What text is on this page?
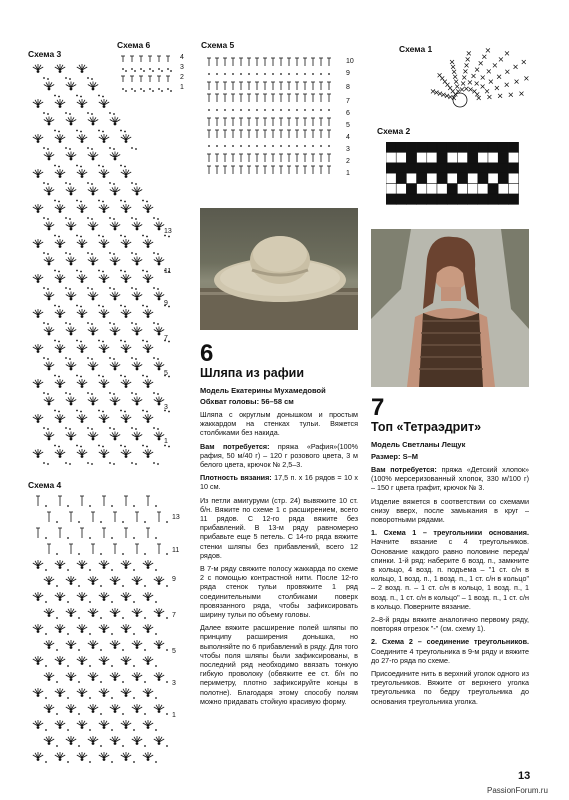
Схема 3
Схема 6	Схема 5	Схема 1
Схема 2
Схема 4
13
11
9
7
5
3
1
4
3
2
1
10
9
8
7
6
5
4
3
2
1
6
Шляпа из рафии
Модель Екатерины Мухамедовой
Обхват головы: 56–58 см

Шляпа с округлым донышком и простым жаккардом на стенках тульи. Вяжется столбиками без накида.

Вам потребуется: пряжа «Рафия»(100% рафия, 50 м/40 г) – 120 г розового цвета, 3 м белого цвета, крючок № 2,5–3.

Плотность вязания: 17,5 п. х 16 рядов = 10 х 10 см.

Из петли амигуруми (стр. 24) вывяжите 10 ст. б/н. Вяжите по схеме 1 с расширением, всего 11 рядов. С 12-го ряда вяжите без прибавлений. В 13-м ряду равномерно прибавьте еще 5 петель. С 14-го ряда вяжите стенки шляпы без прибавлений, всего 12 рядов.

В 7-м ряду свяжите полосу жаккарда по схеме 2 с помощью контрастной нити. После 12-го ряда стенок тульи провяжите 1 ряд соединительными столбиками поверх провязанного ряда, чтобы зафиксировать ширину тульи по объему головы.

Далее вяжите расширение полей шляпы по принципу расширения донышка, но выполняйте по 6 прибавлений в ряду. Для того чтобы поля шляпы были зафиксированы, в последний ряд необходимо ввязать тонкую гибкую проволоку (обвяжите ее ст. б/н по периметру, плотно зафиксируйте концы в полотне). Благодаря этому способу полям можно придавать стойкую красивую форму.

7
Топ «Тетраэдрит»
Модель Светланы Лещук
Размер: S–M

Вам потребуется: пряжа «Детский хлопок» (100% мерсеризованный хлопок, 330 м/100 г) – 150 г цвета графит, крючок № 3.

Изделие вяжется в соответствии со схемами снизу вверх, после замыкания в круг – поворотными рядами.

1. Схема 1 – треугольники основания. Начните вязание с 4 треугольников. Основание каждого равно половине переда/спинки. 1-й ряд: наберите 6 возд. п., замкните в кольцо, 4 возд. п. подъема – "1 ст. с/н в кольцо, 1 возд. п., 1 возд. п., 1 ст. с/н в кольцо" – 2 возд. п. – 1 ст. с/н в кольцо, 1 возд. п., 1 возд. п., 1 ст. с/н в кольцо" – 1 возд. п., 1 ст. с/н в кольцо. Поверните вязание.

2–8-й ряды вяжите аналогично первому ряду, повторяя отрезок "-" (см. схему 1).

2. Схема 2 – соединение треугольников. Соедините 4 треугольника в 9-м ряду и вяжите до 27-го ряда по схеме.

Присоедините нить в верхний уголок одного из треугольников. Вяжите от верхнего уголка треугольника по бедру треугольника до основания треугольника уголка.

13
11
9
7
5
3
1
13
PassionForum.ru
